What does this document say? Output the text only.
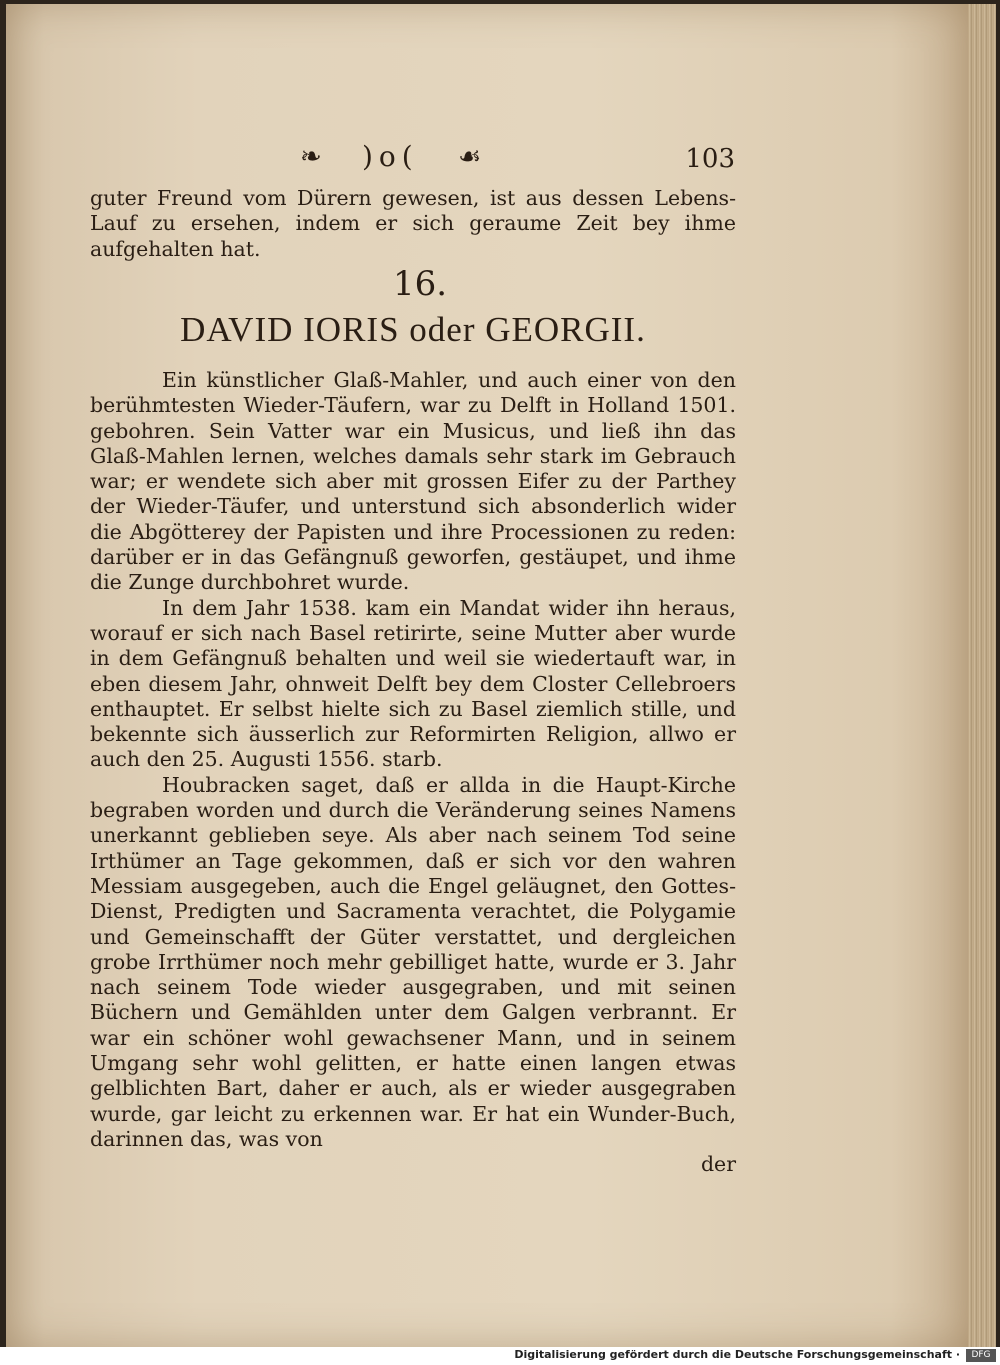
❧ )o( ☙	103

guter Freund vom Dürern gewesen, ist aus dessen Lebens-Lauf zu ersehen, indem er sich geraume Zeit bey ihme aufgehalten hat.

16.
DAVID IORIS oder GEORGII.

Ein künstlicher Glaß-Mahler, und auch einer von den berühmtesten Wieder-Täufern, war zu Delft in Holland 1501. gebohren. Sein Vatter war ein Musicus, und ließ ihn das Glaß-Mahlen lernen, welches damals sehr stark im Gebrauch war; er wendete sich aber mit grossen Eifer zu der Parthey der Wieder-Täufer, und unterstund sich absonderlich wider die Abgötterey der Papisten und ihre Processionen zu reden: darüber er in das Gefängnuß geworfen, gestäupet, und ihme die Zunge durchbohret wurde.

In dem Jahr 1538. kam ein Mandat wider ihn heraus, worauf er sich nach Basel retirirte, seine Mutter aber wurde in dem Gefängnuß behalten und weil sie wiedertauft war, in eben diesem Jahr, ohnweit Delft bey dem Closter Cellebroers enthauptet. Er selbst hielte sich zu Basel ziemlich stille, und bekennte sich äusserlich zur Reformirten Religion, allwo er auch den 25. Augusti 1556. starb.

Houbracken saget, daß er allda in die Haupt-Kirche begraben worden und durch die Veränderung seines Namens unerkannt geblieben seye. Als aber nach seinem Tod seine Irthümer an Tage gekommen, daß er sich vor den wahren Messiam ausgegeben, auch die Engel geläugnet, den Gottes-Dienst, Predigten und Sacramenta verachtet, die Polygamie und Gemeinschafft der Güter verstattet, und dergleichen grobe Irrthümer noch mehr gebilliget hatte, wurde er 3. Jahr nach seinem Tode wieder ausgegraben, und mit seinen Büchern und Gemählden unter dem Galgen verbrannt. Er war ein schöner wohl gewachsener Mann, und in seinem Umgang sehr wohl gelitten, er hatte einen langen etwas gelblichten Bart, daher er auch, als er wieder ausgegraben wurde, gar leicht zu erkennen war. Er hat ein Wunder-Buch, darinnen das, was von

der

Digitalisierung gefördert durch die Deutsche Forschungsgemeinschaft ·	DFG
